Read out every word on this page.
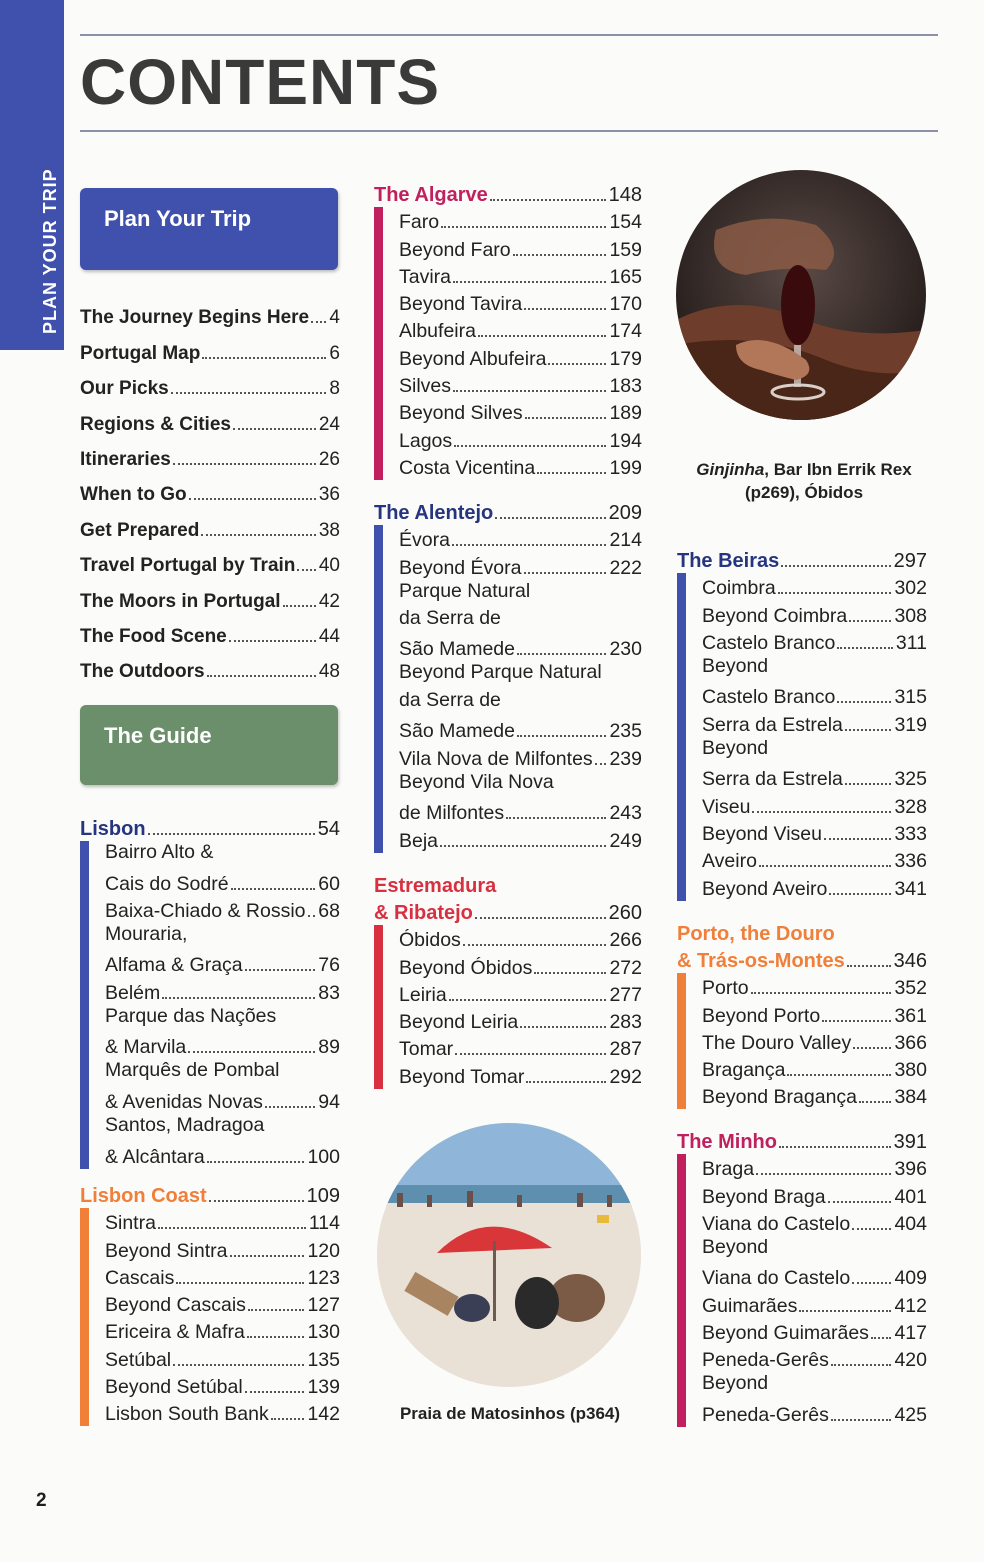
PLAN YOUR TRIP
CONTENTS
Plan Your Trip
The Journey Begins Here 4
Portugal Map	6
Our Picks	8
Regions & Cities	24
Itineraries	26
When to Go	36
Get Prepared	38
Travel Portugal by Train 40
The Moors in Portugal 42
The Food Scene	44
The Outdoors	48
The Guide
Lisbon	54
Bairro Alto &
Cais do Sodré	60
Baixa-Chiado & Rossio 68
Mouraria,
Alfama & Graça	76
Belém	83
Parque das Nações
& Marvila	89
Marquês de Pombal
& Avenidas Novas	94
Santos, Madragoa
& Alcântara	100
Lisbon Coast	109
Sintra	114
Beyond Sintra	120
Cascais	123
Beyond Cascais	127
Ericeira & Mafra	130
Setúbal	135
Beyond Setúbal	139
Lisbon South Bank 142
The Algarve	148
Faro	154
Beyond Faro	159
Tavira	165
Beyond Tavira	170
Albufeira	174
Beyond Albufeira	179
Silves	183
Beyond Silves	189
Lagos	194
Costa Vicentina	199
The Alentejo	209
Évora	214
Beyond Évora	222
Parque Natural
da Serra de
São Mamede	230
Beyond Parque Natural
da Serra de
São Mamede	235
Vila Nova de Milfontes 239
Beyond Vila Nova
de Milfontes	243
Beja	249
Estremadura
& Ribatejo	260
Óbidos	266
Beyond Óbidos	272
Leiria	277
Beyond Leiria	283
Tomar	287
Beyond Tomar	292
The Beiras	297
Coimbra	302
Beyond Coimbra 308
Castelo Branco	311
Beyond
Castelo Branco	315
Serra da Estrela	319
Beyond
Serra da Estrela	325
Viseu	328
Beyond Viseu	333
Aveiro	336
Beyond Aveiro	341
Porto, the Douro
& Trás-os-Montes 346
Porto	352
Beyond Porto	361
The Douro Valley 366
Bragança	380
Beyond Bragança 384
The Minho	391
Braga	396
Beyond Braga	401
Viana do Castelo 404
Beyond
Viana do Castelo 409
Guimarães	412
Beyond Guimarães 417
Peneda-Gerês	420
Beyond
Peneda-Gerês	425
Ginjinha, Bar Ibn Errik Rex
(p269), Óbidos
Praia de Matosinhos (p364)
2
